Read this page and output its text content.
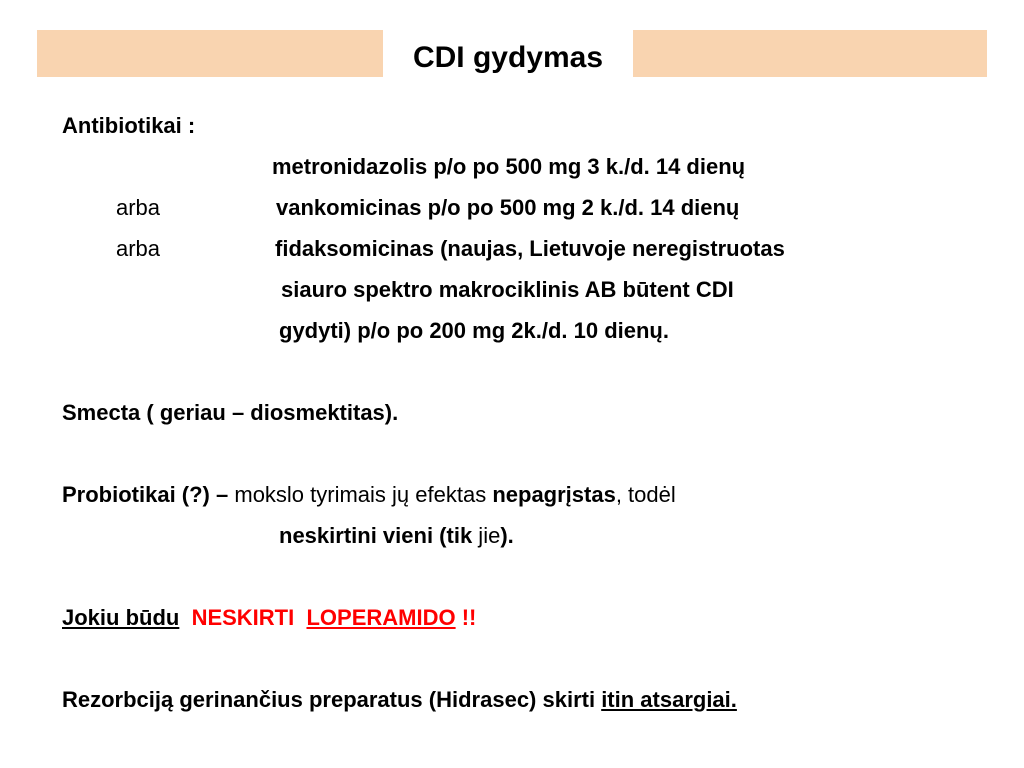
CDI gydymas
Antibiotikai :
metronidazolis p/o po 500 mg 3 k./d. 14 dienų
arba	vankomicinas p/o po 500 mg 2 k./d. 14 dienų
arba	fidaksomicinas (naujas, Lietuvoje neregistruotas
siauro spektro makrociklinis AB būtent CDI
gydyti) p/o po 200 mg 2k./d. 10 dienų.
Smecta ( geriau – diosmektitas).
Probiotikai (?) – mokslo tyrimais jų efektas nepagrįstas, todėl
neskirtini vieni (tik jie).
Jokiu būdu NESKIRTI LOPERAMIDO !!
Rezorbciją gerinančius preparatus (Hidrasec) skirti itin atsargiai.
